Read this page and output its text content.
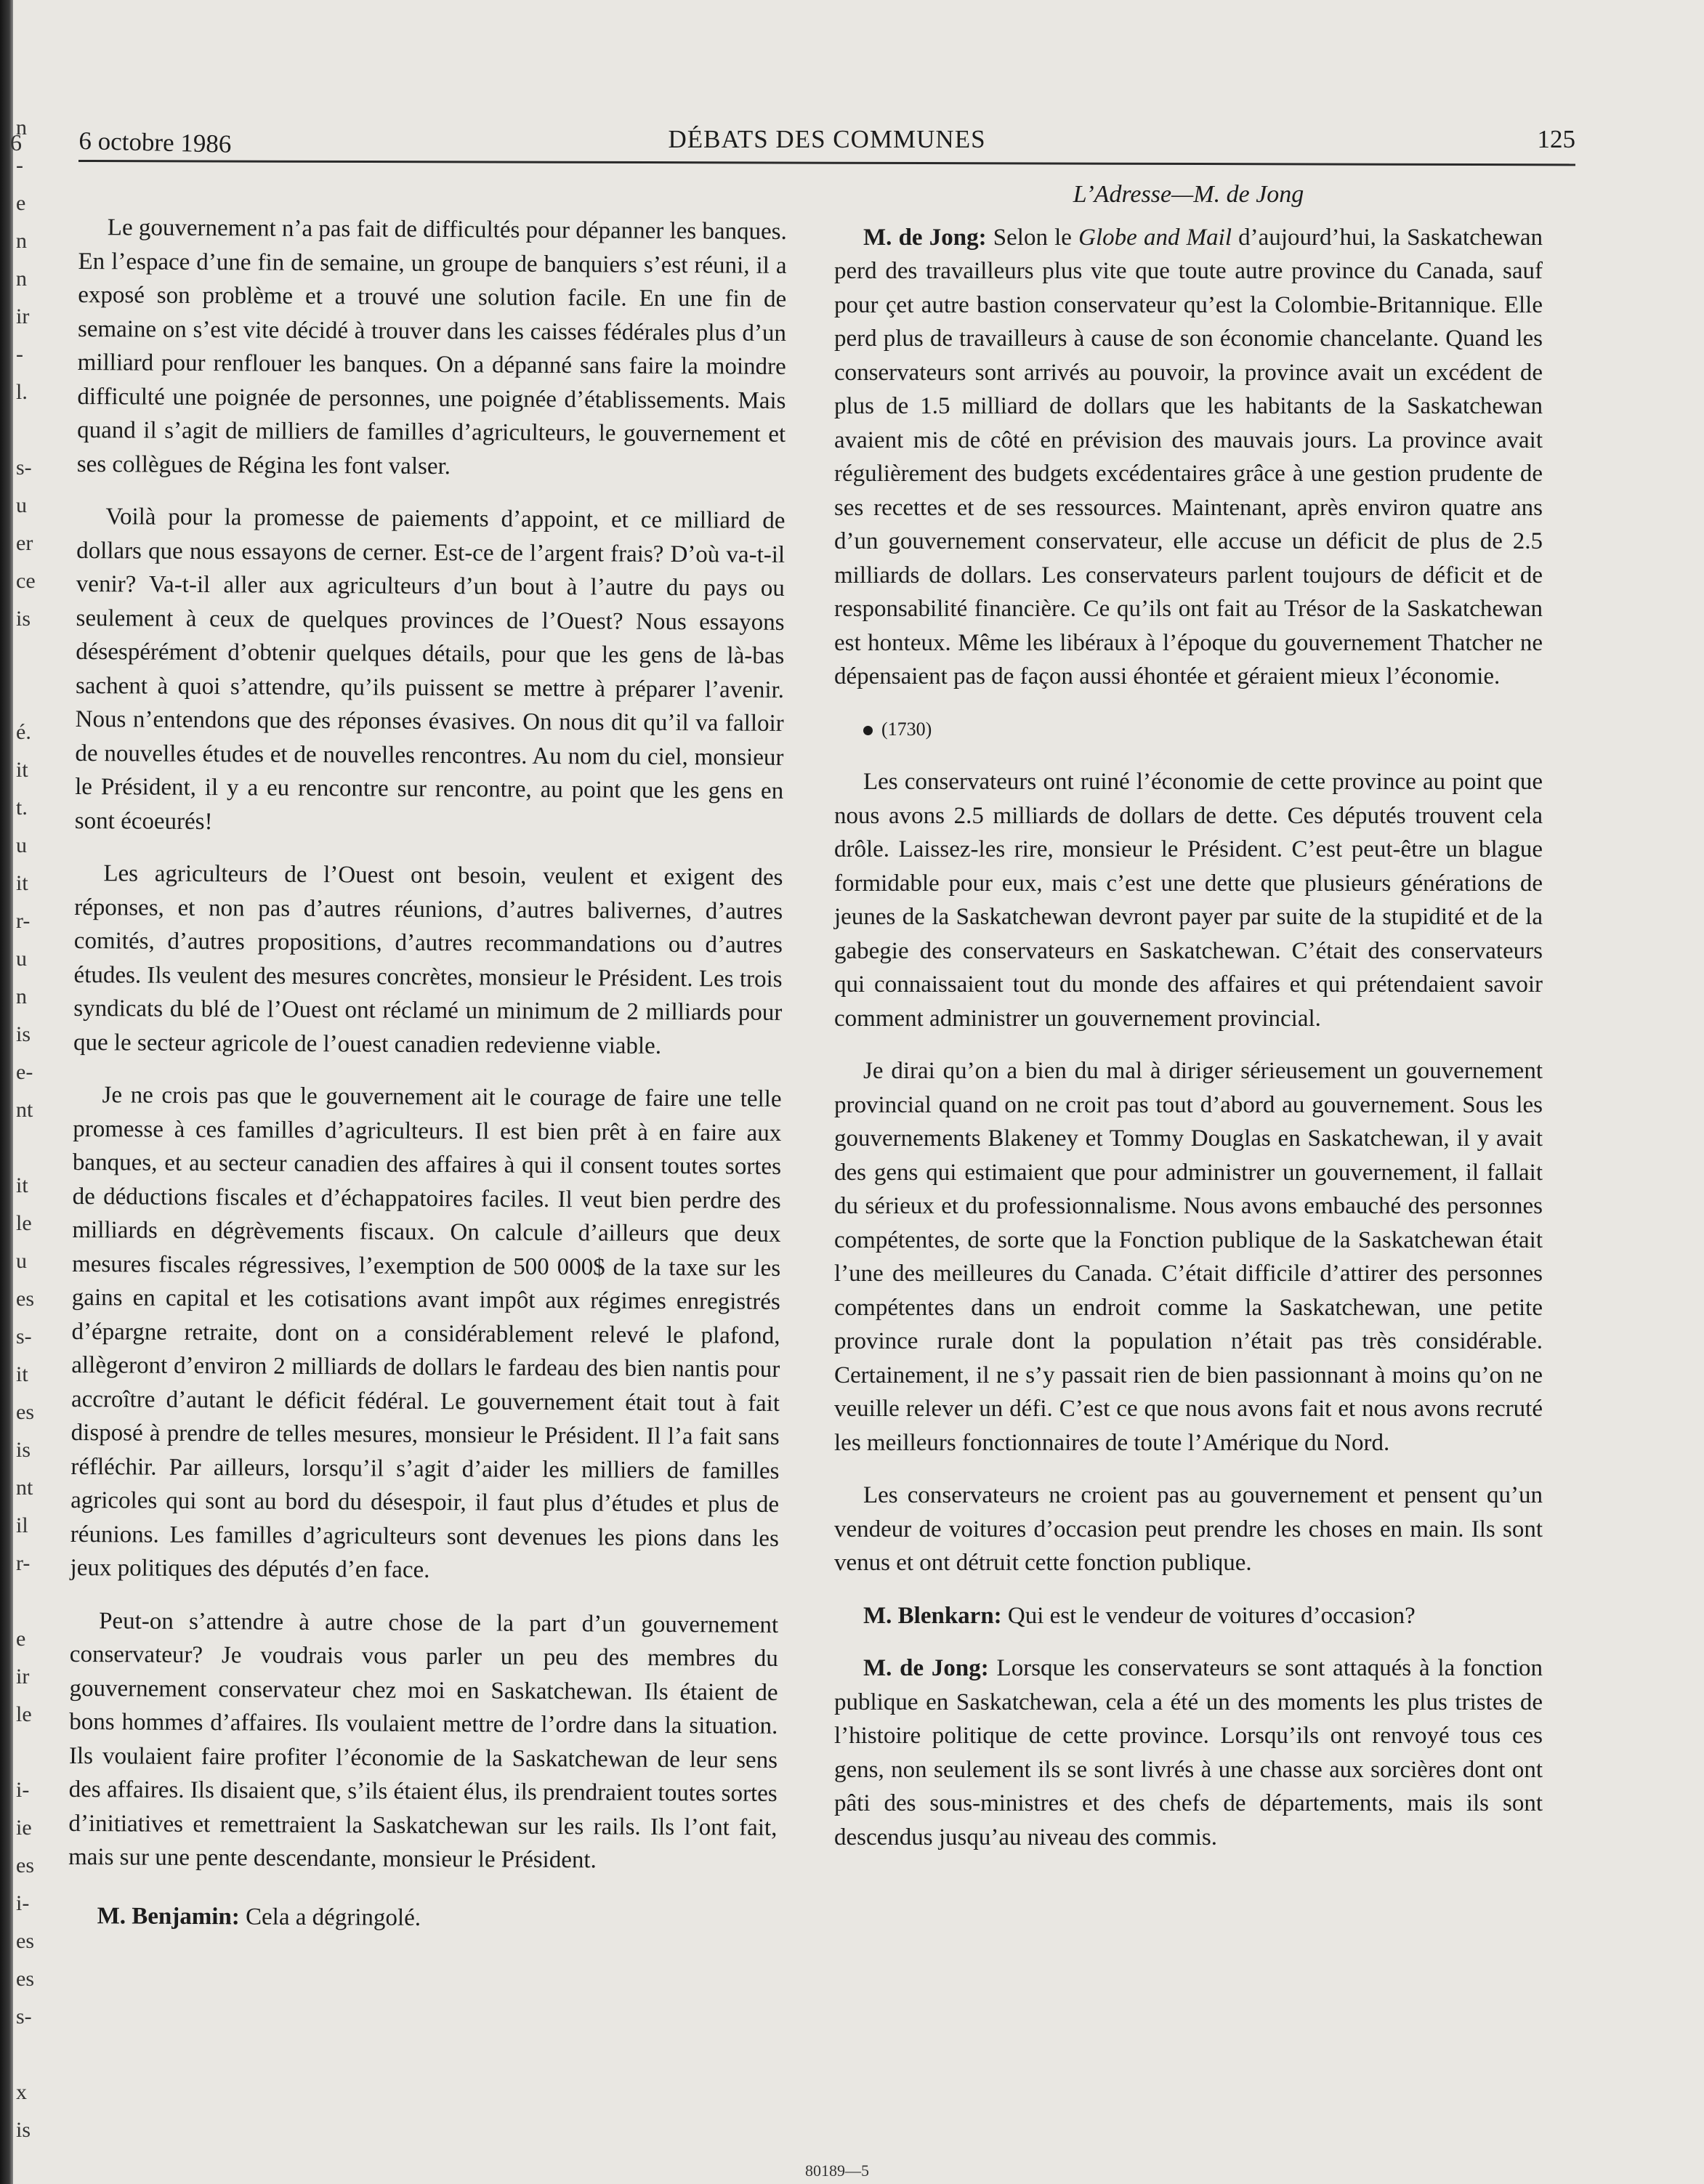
6
n
-
e
n
n
ir
-
l.
s-
u
er
ce
is
é.
it
t.
u
it
r-
u
n
is
e-
nt
it
le
u
es
s-
it
es
is
nt
il
r-
e
ir
le
i-
ie
es
i-
es
es
s-
x
is
6 octobre 1986	DÉBATS DES COMMUNES	125

Le gouvernement n’a pas fait de difficultés pour dépanner les banques. En l’espace d’une fin de semaine, un groupe de banquiers s’est réuni, il a exposé son problème et a trouvé une solution facile. En une fin de semaine on s’est vite décidé à trouver dans les caisses fédérales plus d’un milliard pour renflouer les banques. On a dépanné sans faire la moindre difficulté une poignée de personnes, une poignée d’établissements. Mais quand il s’agit de milliers de familles d’agriculteurs, le gouvernement et ses collègues de Régina les font valser.

Voilà pour la promesse de paiements d’appoint, et ce milliard de dollars que nous essayons de cerner. Est-ce de l’argent frais? D’où va-t-il venir? Va-t-il aller aux agriculteurs d’un bout à l’autre du pays ou seulement à ceux de quelques provinces de l’Ouest? Nous essayons désespérément d’obtenir quelques détails, pour que les gens de là-bas sachent à quoi s’attendre, qu’ils puissent se mettre à préparer l’avenir. Nous n’entendons que des réponses évasives. On nous dit qu’il va falloir de nouvelles études et de nouvelles rencontres. Au nom du ciel, monsieur le Président, il y a eu rencontre sur rencontre, au point que les gens en sont écoeurés!

Les agriculteurs de l’Ouest ont besoin, veulent et exigent des réponses, et non pas d’autres réunions, d’autres balivernes, d’autres comités, d’autres propositions, d’autres recommandations ou d’autres études. Ils veulent des mesures concrètes, monsieur le Président. Les trois syndicats du blé de l’Ouest ont réclamé un minimum de 2 milliards pour que le secteur agricole de l’ouest canadien redevienne viable.

Je ne crois pas que le gouvernement ait le courage de faire une telle promesse à ces familles d’agriculteurs. Il est bien prêt à en faire aux banques, et au secteur canadien des affaires à qui il consent toutes sortes de déductions fiscales et d’échappatoires faciles. Il veut bien perdre des milliards en dégrèvements fiscaux. On calcule d’ailleurs que deux mesures fiscales régressives, l’exemption de 500 000$ de la taxe sur les gains en capital et les cotisations avant impôt aux régimes enregistrés d’épargne retraite, dont on a considérablement relevé le plafond, allègeront d’environ 2 milliards de dollars le fardeau des bien nantis pour accroître d’autant le déficit fédéral. Le gouvernement était tout à fait disposé à prendre de telles mesures, monsieur le Président. Il l’a fait sans réfléchir. Par ailleurs, lorsqu’il s’agit d’aider les milliers de familles agricoles qui sont au bord du désespoir, il faut plus d’études et plus de réunions. Les familles d’agriculteurs sont devenues les pions dans les jeux politiques des députés d’en face.

Peut-on s’attendre à autre chose de la part d’un gouvernement conservateur? Je voudrais vous parler un peu des membres du gouvernement conservateur chez moi en Saskatchewan. Ils étaient de bons hommes d’affaires. Ils voulaient mettre de l’ordre dans la situation. Ils voulaient faire profiter l’économie de la Saskatchewan de leur sens des affaires. Ils disaient que, s’ils étaient élus, ils prendraient toutes sortes d’initiatives et remettraient la Saskatchewan sur les rails. Ils l’ont fait, mais sur une pente descendante, monsieur le Président.

M. Benjamin: Cela a dégringolé.

L’Adresse—M. de Jong

M. de Jong: Selon le Globe and Mail d’aujourd’hui, la Saskatchewan perd des travailleurs plus vite que toute autre province du Canada, sauf pour çet autre bastion conservateur qu’est la Colombie-Britannique. Elle perd plus de travailleurs à cause de son économie chancelante. Quand les conservateurs sont arrivés au pouvoir, la province avait un excédent de plus de 1.5 milliard de dollars que les habitants de la Saskatchewan avaient mis de côté en prévision des mauvais jours. La province avait régulièrement des budgets excédentaires grâce à une gestion prudente de ses recettes et de ses ressources. Maintenant, après environ quatre ans d’un gouvernement conservateur, elle accuse un déficit de plus de 2.5 milliards de dollars. Les conservateurs parlent toujours de déficit et de responsabilité financière. Ce qu’ils ont fait au Trésor de la Saskatchewan est honteux. Même les libéraux à l’époque du gouvernement Thatcher ne dépensaient pas de façon aussi éhontée et géraient mieux l’économie.

(1730)

Les conservateurs ont ruiné l’économie de cette province au point que nous avons 2.5 milliards de dollars de dette. Ces députés trouvent cela drôle. Laissez-les rire, monsieur le Président. C’est peut-être un blague formidable pour eux, mais c’est une dette que plusieurs générations de jeunes de la Saskatchewan devront payer par suite de la stupidité et de la gabegie des conservateurs en Saskatchewan. C’était des conservateurs qui connaissaient tout du monde des affaires et qui prétendaient savoir comment administrer un gouvernement provincial.

Je dirai qu’on a bien du mal à diriger sérieusement un gouvernement provincial quand on ne croit pas tout d’abord au gouvernement. Sous les gouvernements Blakeney et Tommy Douglas en Saskatchewan, il y avait des gens qui estimaient que pour administrer un gouvernement, il fallait du sérieux et du professionnalisme. Nous avons embauché des personnes compétentes, de sorte que la Fonction publique de la Saskatchewan était l’une des meilleures du Canada. C’était difficile d’attirer des personnes compétentes dans un endroit comme la Saskatchewan, une petite province rurale dont la population n’était pas très considérable. Certainement, il ne s’y passait rien de bien passionnant à moins qu’on ne veuille relever un défi. C’est ce que nous avons fait et nous avons recruté les meilleurs fonctionnaires de toute l’Amérique du Nord.

Les conservateurs ne croient pas au gouvernement et pensent qu’un vendeur de voitures d’occasion peut prendre les choses en main. Ils sont venus et ont détruit cette fonction publique.

M. Blenkarn: Qui est le vendeur de voitures d’occasion?

M. de Jong: Lorsque les conservateurs se sont attaqués à la fonction publique en Saskatchewan, cela a été un des moments les plus tristes de l’histoire politique de cette province. Lorsqu’ils ont renvoyé tous ces gens, non seulement ils se sont livrés à une chasse aux sorcières dont ont pâti des sous-ministres et des chefs de départements, mais ils sont descendus jusqu’au niveau des commis.

80189—5
